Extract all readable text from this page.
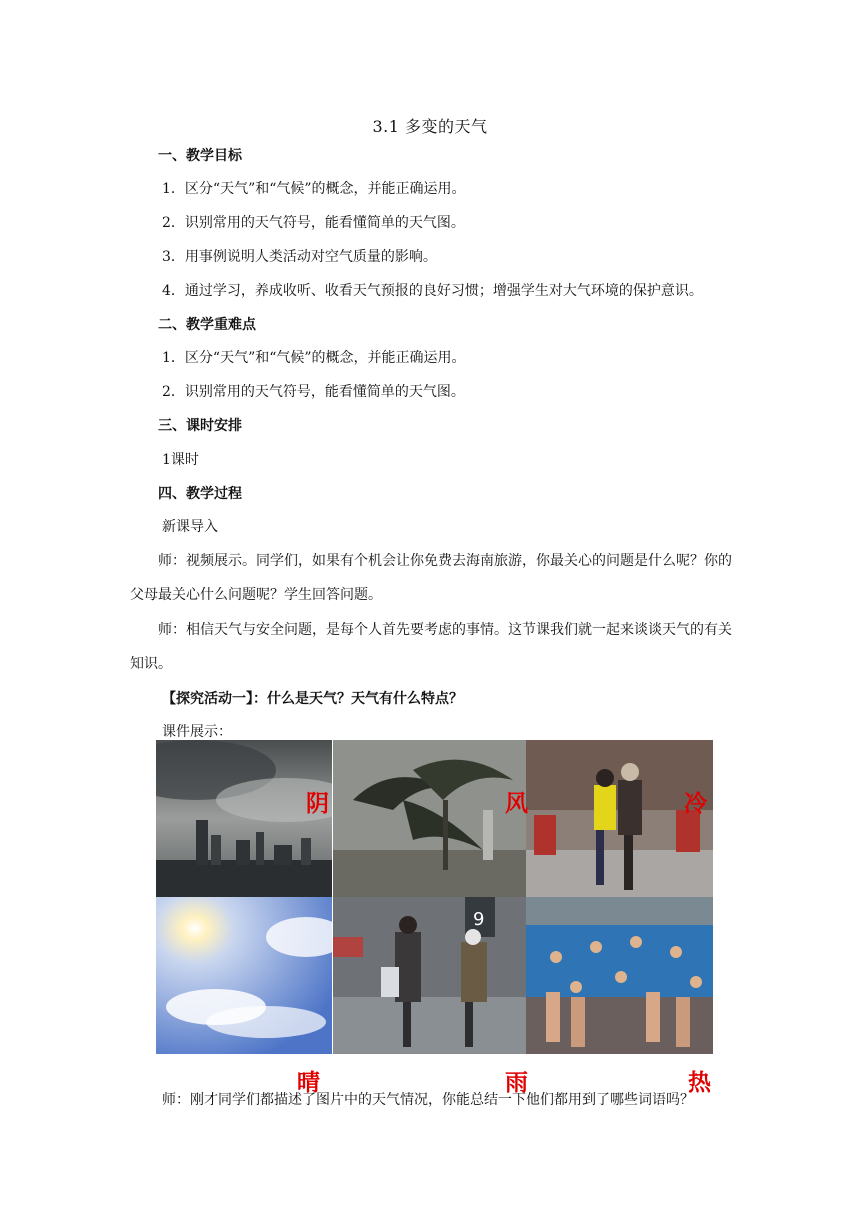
3.1 多变的天气
一、教学目标
1．区分“天气”和“气候”的概念，并能正确运用。
2．识别常用的天气符号，能看懂简单的天气图。
3．用事例说明人类活动对空气质量的影响。
4．通过学习，养成收听、收看天气预报的良好习惯；增强学生对大气环境的保护意识。
二、教学重难点
1．区分“天气”和“气候”的概念，并能正确运用。
2．识别常用的天气符号，能看懂简单的天气图。
三、课时安排
1课时
四、教学过程
新课导入
师：视频展示。同学们，如果有个机会让你免费去海南旅游，你最关心的问题是什么呢？你的父母最关心什么问题呢？学生回答问题。
师：相信天气与安全问题，是每个人首先要考虑的事情。这节课我们就一起来谈谈天气的有关知识。
【探究活动一】：什么是天气？天气有什么特点？
课件展示：
9
阴	风	冷
晴	雨	热
师：刚才同学们都描述了图片中的天气情况，你能总结一下他们都用到了哪些词语吗？
